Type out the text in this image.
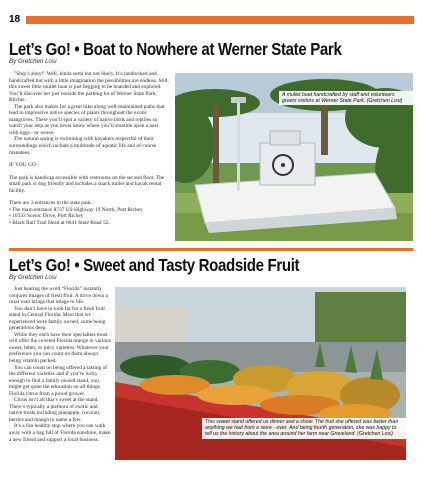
18
Let’s Go! • Boat to Nowhere at Werner State Park
By Gretchen Losi

"Ship’s ahoy!" Well, kinda sorta but not likely. It’s landlocked and handcrafted but with a little imagination the possibilities are endless. Still, this sweet little mullet boat is just begging to be boarded and explored. You’ll discover her just outside the parking lot of Werner State Park, Ritchie.

The park also makes for a great hike along well-maintained paths that lead to impressive native species of plants throughout the exotic mangroves. There you’ll spot a variety of native birds and reptiles so watch your step as you never know where you’ll stumble upon a nest with eggs - or worse.

The natural spring is swimming with kayakers respectful of their surroundings which include a multitude of aquatic life and of course manatees.

IF YOU GO -

The park is handicap accessible with restrooms on the second floor. The small park is dog friendly and includes a snack trailer and kayak rental facility.

There are 3 entrances to the state park.

• The main entrance 8737 US Highway 19 North, Port Richey

• 10333 Scenic Drive, Port Richey

• Black Rail Trail Head at 6641 State Road 52.

A mullet boat handcrafted by staff and volunteers greets visitors at Werner State Park. (Gretchen Losi)
Let’s Go! • Sweet and Tasty Roadside Fruit
By Gretchen Losi

Just hearing the word “Florida” instantly conjures images of fresh fruit. A drive down a rural road brings that image to life.

You don’t have to look far for a fresh fruit stand in Central Florida. Most that we experienced were family owned, some being generations deep.

While they each have their specialties most will offer the coveted Florida orange in various sweet, bitter, or juicy varieties. Whatever your preference you can count on them always being vitamin packed.

You can count on being offered a tasting of the different varieties and if you’re lucky enough to find a family owned stand, you might get quite the education on all things Florida citrus from a proud grower.

Citrus isn’t all that’s sweet at the stand. There’s typically a plethora of exotic and native treats including pineapple, coconut, berries and mango to name a few.

It’s a fun healthy stop where you can walk away with a bag full of Florida sunshine, make a new friend and support a local business.

This sweet stand offered us dinner and a show. The fruit she offered was better than anything we had from a store - ever. And being fourth generation, she was happy to tell us the history about the area around her farm near Groveland. (Gretchen Losi)
